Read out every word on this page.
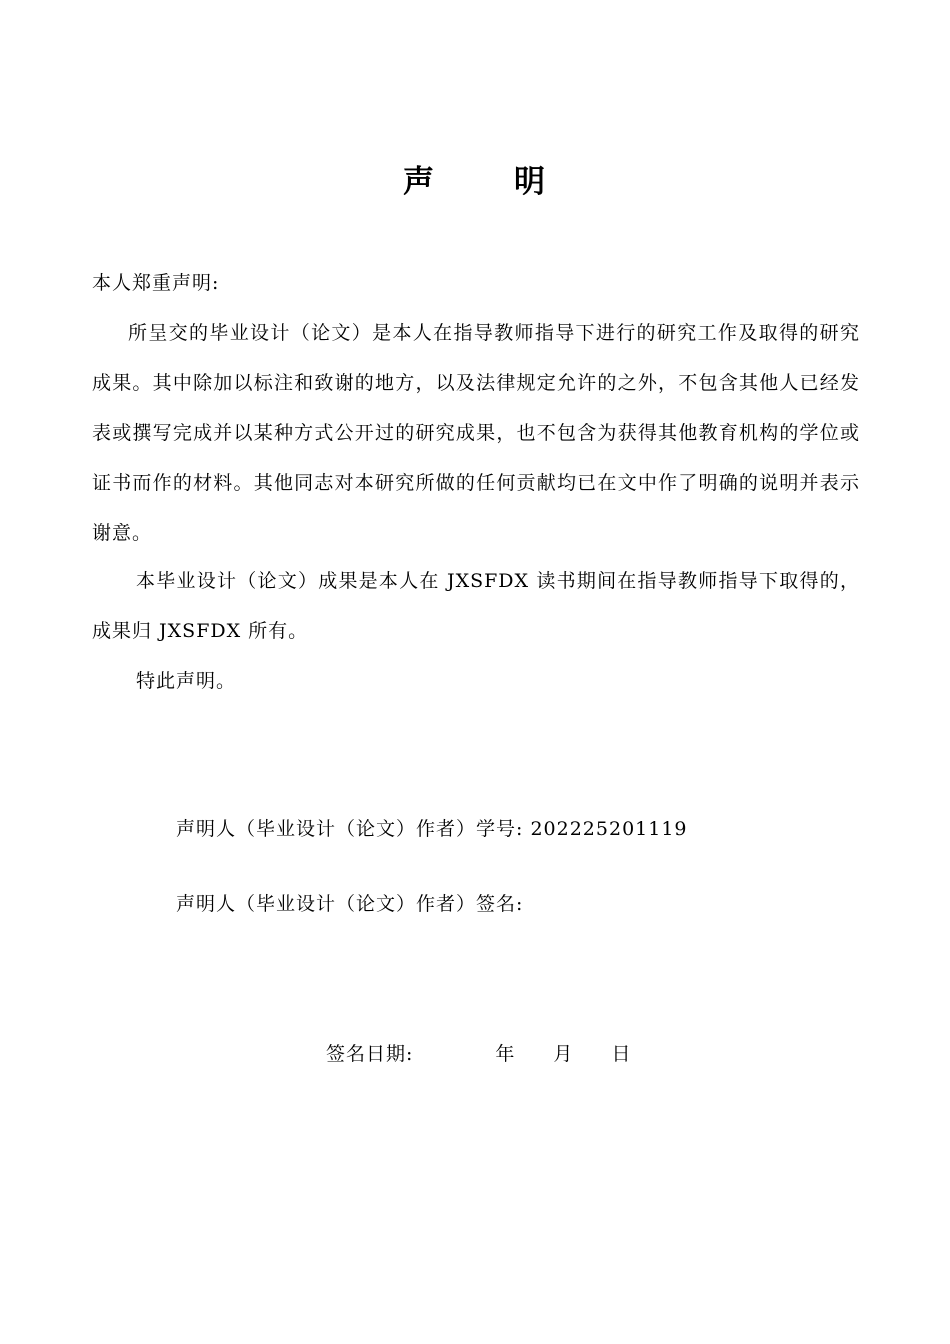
声	明
本人郑重声明:
所呈交的毕业设计（论文）是本人在指导教师指导下进行的研究工作及取得的研究成果。其中除加以标注和致谢的地方，以及法律规定允许的之外，不包含其他人已经发表或撰写完成并以某种方式公开过的研究成果，也不包含为获得其他教育机构的学位或证书而作的材料。其他同志对本研究所做的任何贡献均已在文中作了明确的说明并表示谢意。
本毕业设计（论文）成果是本人在 JXSFDX 读书期间在指导教师指导下取得的，成果归 JXSFDX 所有。
特此声明。
声明人（毕业设计（论文）作者）学号: 202225201119
声明人（毕业设计（论文）作者）签名:
签名日期:	年 月 日
